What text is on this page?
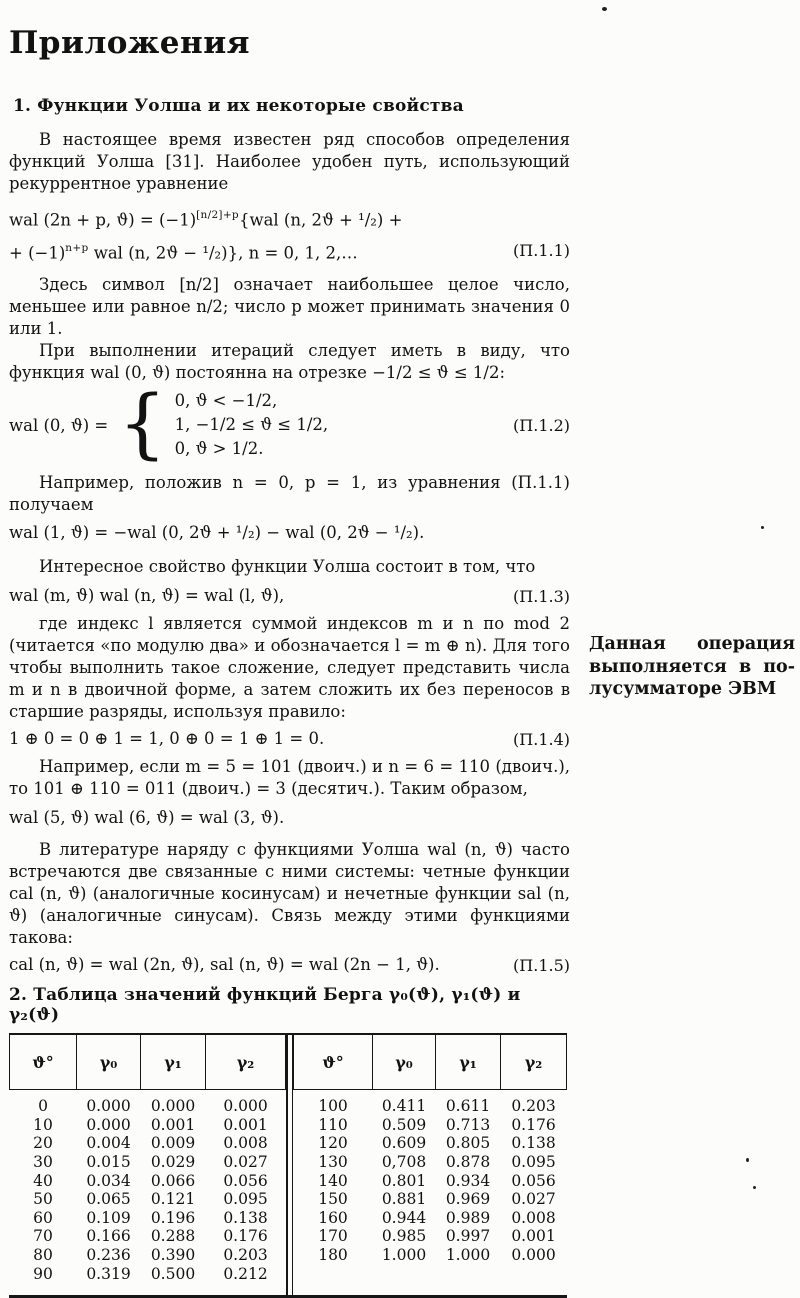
Приложения
1. Функции Уолша и их некоторые свойства

В настоящее время известен ряд способов определения функций Уолша [31]. Наиболее удобен путь, использующий рекуррентное уравнение

wal (2n + p, $ϑ) = (-1)^{[n/2]+p}\{wal$ (n, 2ϑ + ¹/₂) +
+ $(-1)^{n+p}$ wal (n, 2ϑ − ¹/₂)}, n = 0, 1, 2,…	(П.1.1)

Здесь символ [n/2] означает наибольшее целое число, меньшее или равное n/2; число p может принимать значения 0 или 1.

При выполнении итераций следует иметь в виду, что функция wal (0, ϑ) постоянна на отрезке −1/2 ≤ ϑ ≤ 1/2:

wal (0, ϑ) = { 0, ϑ < −1/2,
1, −1/2 ≤ ϑ ≤ 1/2,
0, ϑ > 1/2.
(П.1.2)

Например, положив n = 0, p = 1, из уравнения (П.1.1) получаем

wal (1, ϑ) = −wal (0, 2ϑ + ¹/₂) − wal (0, 2ϑ − ¹/₂).

Интересное свойство функции Уолша состоит в том, что

wal (m, ϑ) wal (n, ϑ) = wal (l, ϑ),	(П.1.3)

где индекс l является суммой индексов m и n по mod 2 (читается «по модулю два» и обозначается l = m ⊕ n). Для того чтобы выполнить такое сложение, следует представить числа m и n в двоичной форме, а затем сложить их без переносов в старшие разряды, используя правило:

1 ⊕ 0 = 0 ⊕ 1 = 1, 0 ⊕ 0 = 1 ⊕ 1 = 0.	(П.1.4)

Например, если m = 5 = 101 (двоич.) и n = 6 = 110 (двоич.), то 101 ⊕ 110 = 011 (двоич.) = 3 (десятич.). Таким образом,

wal (5, ϑ) wal (6, ϑ) = wal (3, ϑ).

В литературе наряду с функциями Уолша wal (n, ϑ) часто встречаются две связанные с ними системы: четные функции cal (n, ϑ) (аналогичные косинусам) и нечетные функции sal (n, ϑ) (аналогичные синусам). Связь между этими функциями такова:

cal (n, ϑ) = wal (2n, ϑ), sal (n, ϑ) = wal (2n − 1, ϑ).	(П.1.5)
2. Таблица значений функций Берга γ₀(ϑ), γ₁(ϑ) и γ₂(ϑ)
ϑ°	γ₀	γ₁	γ₂
0	0.000	0.000	0.000
10	0.000	0.001	0.001
20	0.004	0.009	0.008
30	0.015	0.029	0.027
40	0.034	0.066	0.056
50	0.065	0.121	0.095
60	0.109	0.196	0.138
70	0.166	0.288	0.176
80	0.236	0.390	0.203
90	0.319	0.500	0.212
ϑ°	γ₀	γ₁	γ₂
100	0.411	0.611	0.203
110	0.509	0.713	0.176
120	0.609	0.805	0.138
130	0,708	0.878	0.095
140	0.801	0.934	0.056
150	0.881	0.969	0.027
160	0.944	0.989	0.008
170	0.985	0.997	0.001
180	1.000	1.000	0.000
Данная операция выполняется в по-лусумматоре ЭВМ
